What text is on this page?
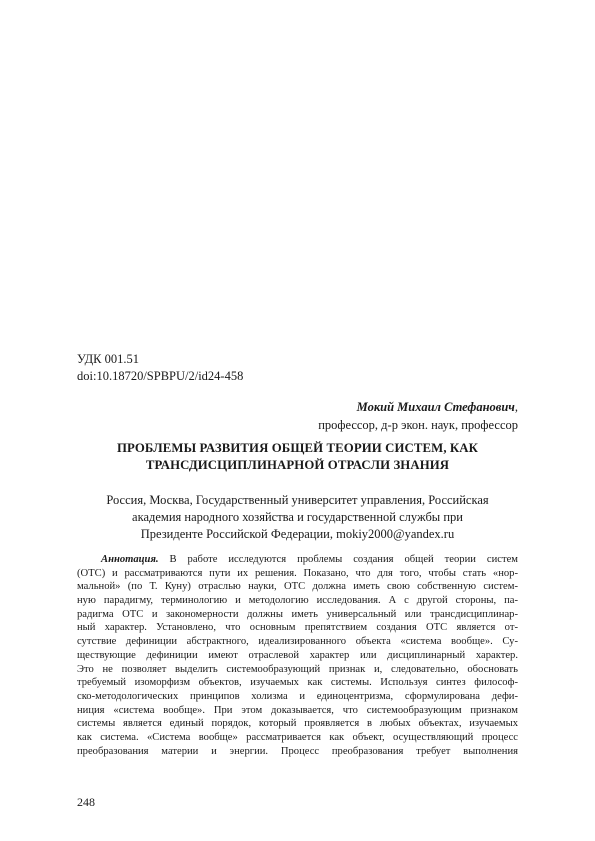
УДК 001.51
doi:10.18720/SPBPU/2/id24-458
Мокий Михаил Стефанович,
профессор, д-р экон. наук, профессор
ПРОБЛЕМЫ РАЗВИТИЯ ОБЩЕЙ ТЕОРИИ СИСТЕМ, КАК
ТРАНСДИСЦИПЛИНАРНОЙ ОТРАСЛИ ЗНАНИЯ
Россия, Москва, Государственный университет управления, Российская
академия народного хозяйства и государственной службы при
Президенте Российской Федерации, mokiy2000@yandex.ru
Аннотация. В работе исследуются проблемы создания общей теории систем
(ОТС) и рассматриваются пути их решения. Показано, что для того, чтобы стать «нор-
мальной» (по Т. Куну) отраслью науки, ОТС должна иметь свою собственную систем-
ную парадигму, терминологию и методологию исследования. А с другой стороны, па-
радигма ОТС и закономерности должны иметь универсальный или трансдисциплинар-
ный характер. Установлено, что основным препятствием создания ОТС является от-
сутствие дефиниции абстрактного, идеализированного объекта «система вообще». Су-
ществующие дефиниции имеют отраслевой характер или дисциплинарный характер.
Это не позволяет выделить системообразующий признак и, следовательно, обосновать
требуемый изоморфизм объектов, изучаемых как системы. Используя синтез философ-
ско-методологических принципов холизма и единоцентризма, сформулирована дефи-
ниция «система вообще». При этом доказывается, что системообразующим признаком
системы является единый порядок, который проявляется в любых объектах, изучаемых
как система. «Система вообще» рассматривается как объект, осуществляющий процесс
преобразования материи и энергии. Процесс преобразования требует выполнения
248
